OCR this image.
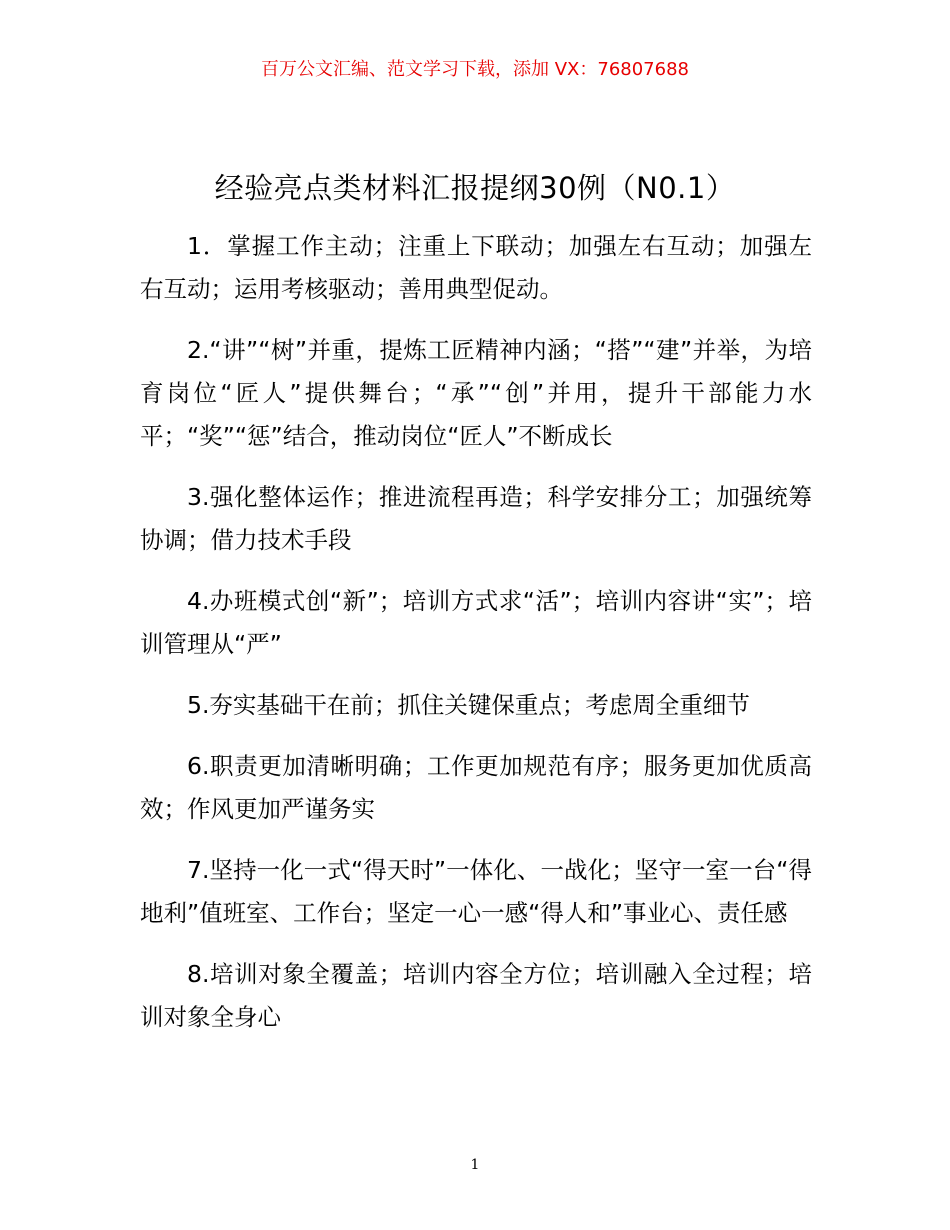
百万公文汇编、范文学习下载，添加 VX：76807688
经验亮点类材料汇报提纲30例（N0.1）

1．掌握工作主动；注重上下联动；加强左右互动；加强左右互动；运用考核驱动；善用典型促动。

2.“讲”“树”并重，提炼工匠精神内涵；“搭”“建”并举，为培育岗位“匠人”提供舞台；“承”“创”并用，提升干部能力水平；“奖”“惩”结合，推动岗位“匠人”不断成长

3.强化整体运作；推进流程再造；科学安排分工；加强统筹协调；借力技术手段

4.办班模式创“新”；培训方式求“活”；培训内容讲“实”；培训管理从“严”

5.夯实基础干在前；抓住关键保重点；考虑周全重细节

6.职责更加清晰明确；工作更加规范有序；服务更加优质高效；作风更加严谨务实

7.坚持一化一式“得天时”一体化、一战化；坚守一室一台“得地利”值班室、工作台；坚定一心一感“得人和”事业心、责任感

8.培训对象全覆盖；培训内容全方位；培训融入全过程；培训对象全身心

1
